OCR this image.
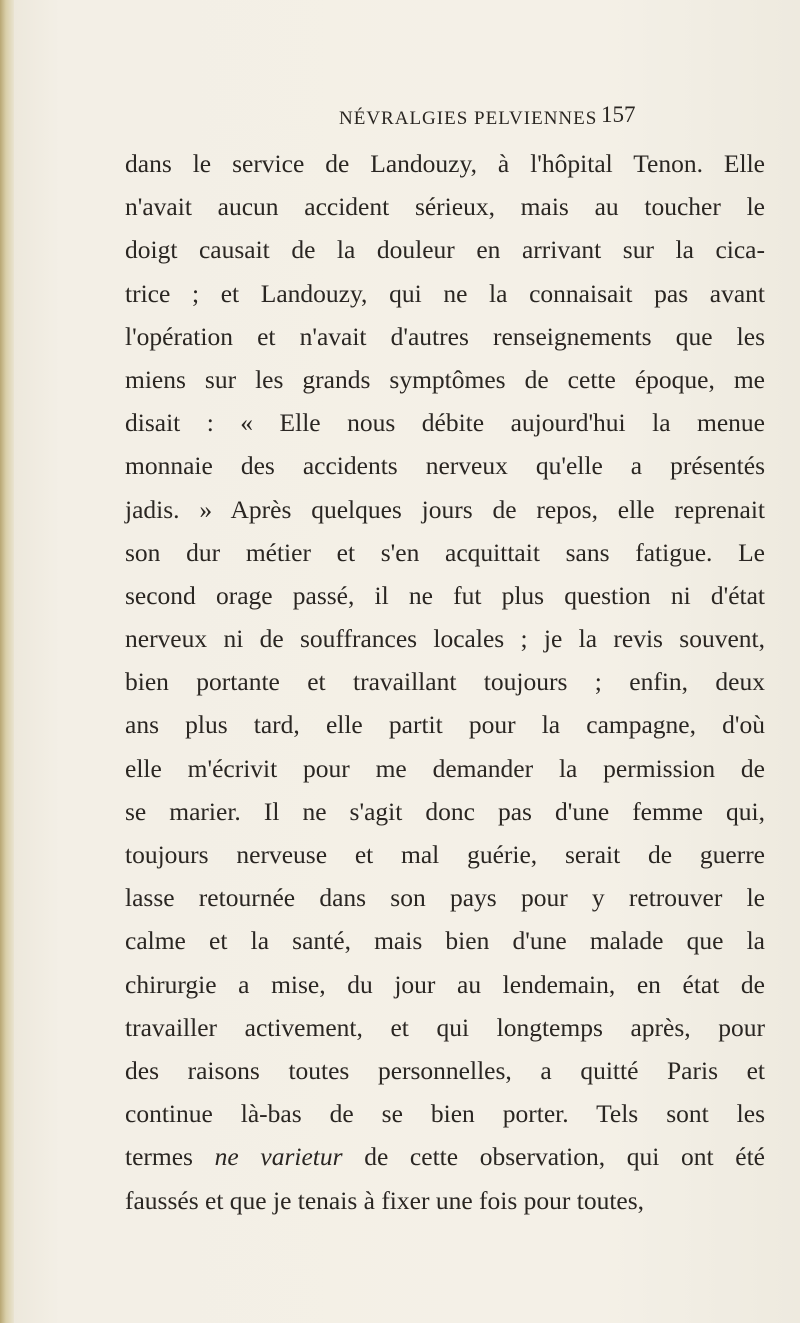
NÉVRALGIES PELVIENNES 157
dans le service de Landouzy, à l'hôpital Tenon. Elle
n'avait aucun accident sérieux, mais au toucher le
doigt causait de la douleur en arrivant sur la cica-
trice ; et Landouzy, qui ne la connaisait pas avant
l'opération et n'avait d'autres renseignements que les
miens sur les grands symptômes de cette époque, me
disait : « Elle nous débite aujourd'hui la menue
monnaie des accidents nerveux qu'elle a présentés
jadis. » Après quelques jours de repos, elle reprenait
son dur métier et s'en acquittait sans fatigue. Le
second orage passé, il ne fut plus question ni d'état
nerveux ni de souffrances locales ; je la revis souvent,
bien portante et travaillant toujours ; enfin, deux
ans plus tard, elle partit pour la campagne, d'où
elle m'écrivit pour me demander la permission de
se marier. Il ne s'agit donc pas d'une femme qui,
toujours nerveuse et mal guérie, serait de guerre
lasse retournée dans son pays pour y retrouver le
calme et la santé, mais bien d'une malade que la
chirurgie a mise, du jour au lendemain, en état de
travailler activement, et qui longtemps après, pour
des raisons toutes personnelles, a quitté Paris et
continue là-bas de se bien porter. Tels sont les
termes ne varietur de cette observation, qui ont été
faussés et que je tenais à fixer une fois pour toutes,
